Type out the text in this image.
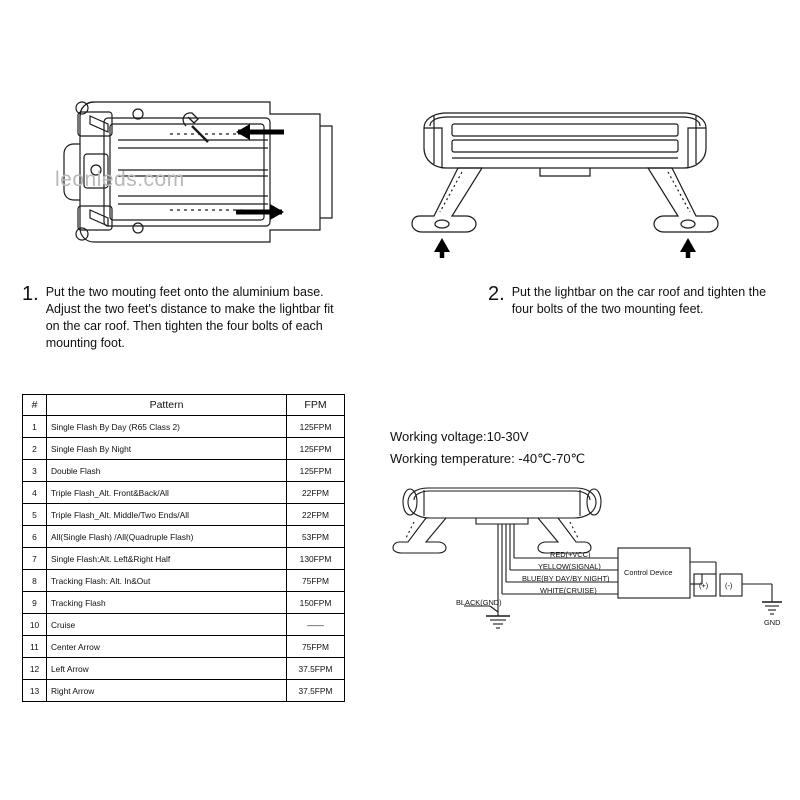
leonleds.com
1. Put the two mouting feet onto the aluminium base. Adjust the two feet's distance to make the lightbar fit on the car roof. Then tighten the four bolts of each mounting foot.
2. Put the lightbar on the car roof and tighten the four bolts of the two mounting feet.
#	Pattern	FPM
1	Single Flash By Day (R65 Class 2)	125FPM
2	Single Flash By Night	125FPM
3	Double Flash	125FPM
4	Triple Flash_Alt. Front&Back/All	22FPM
5	Triple Flash_Alt. Middle/Two Ends/All	22FPM
6	All(Single Flash) /All(Quadruple Flash)	53FPM
7	Single Flash:Alt. Left&Right Half	130FPM
8	Tracking Flash: Alt. In&Out	75FPM
9	Tracking Flash	150FPM
10	Cruise	——
11	Center Arrow	75FPM
12	Left Arrow	37.5FPM
13	Right Arrow	37.5FPM
Working voltage:10-30V
Working temperature: -40℃-70℃
RED(+VCC)
YELLOW(SIGNAL)
BLUE(BY DAY/BY NIGHT)
WHITE(CRUISE)
BLACK(GND)
Control Device
(+) (-)
GND
